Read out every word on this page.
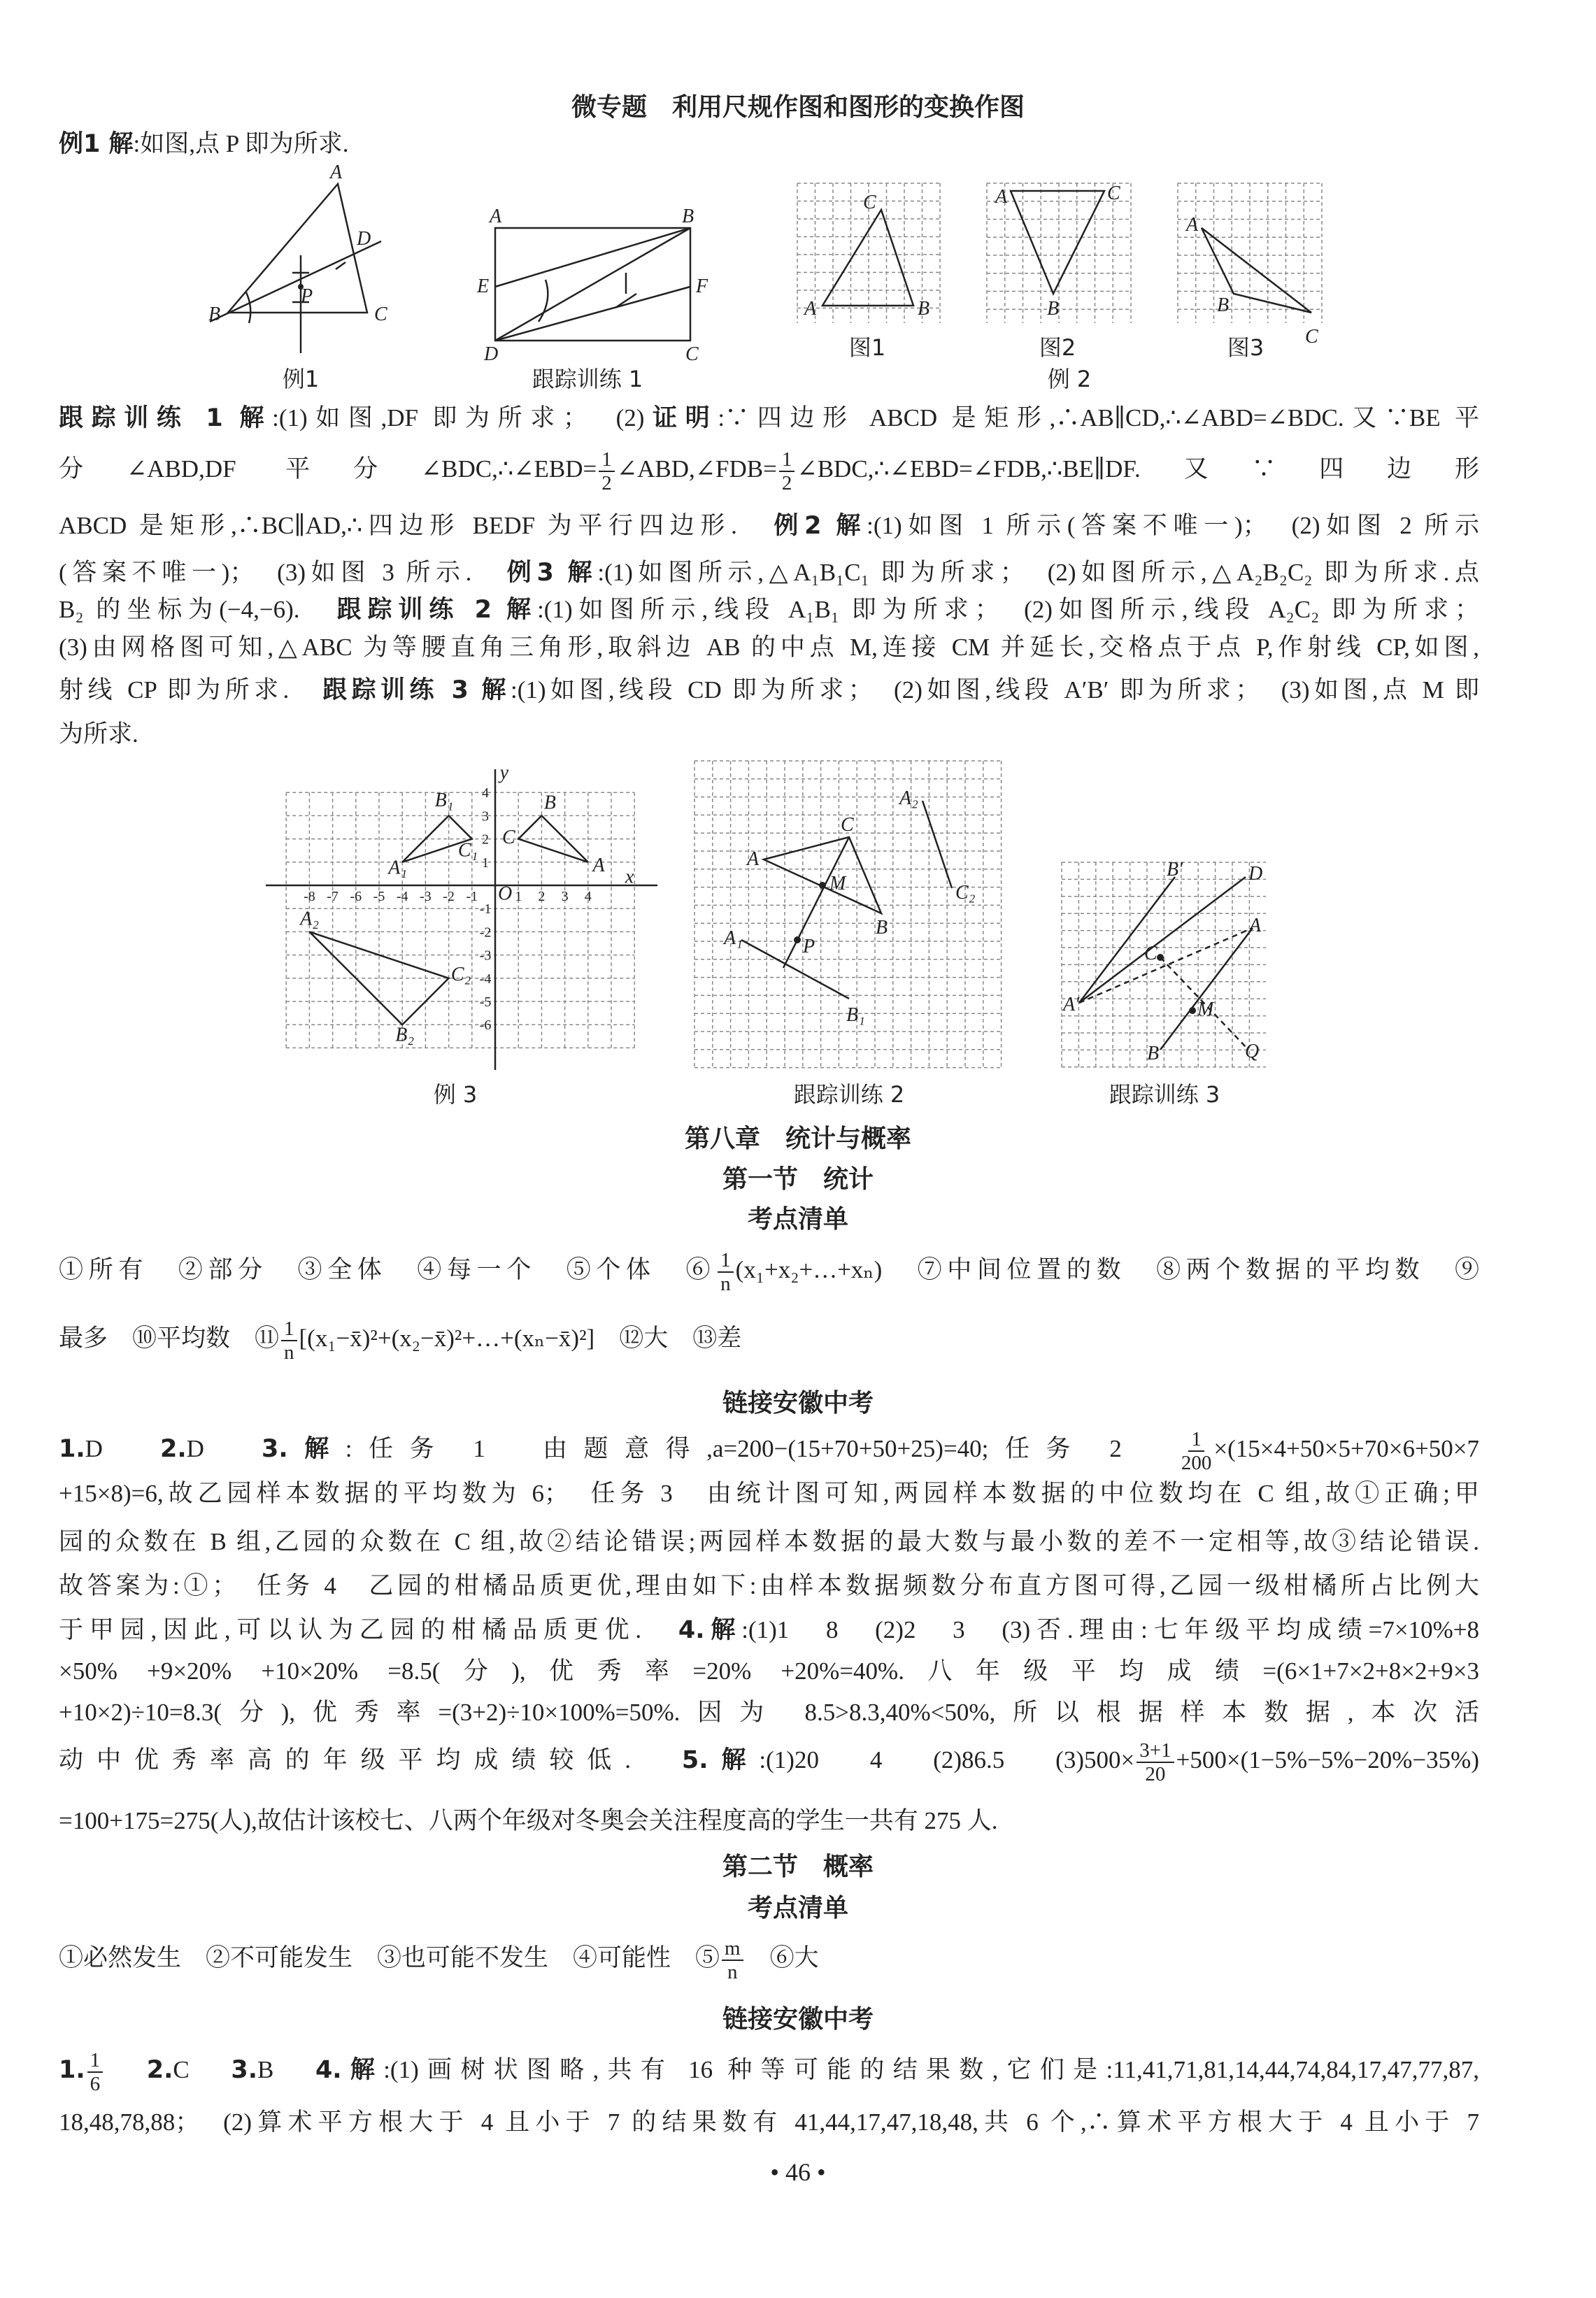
微专题　利用尺规作图和图形的变换作图
例1 解:如图,点 P 即为所求.
A
B	C
D
P
例1
A	B
C
D
E	F
跟踪训练 1
A	B
C
图1
A
B
C
图2
A
B
C
图3
例 2
-8 -7 -6 -5 -4 -3 -2 -1	1 2 3 4
4
3
2
1
-1
-2
-3
-4
-5
-6
A
B
C
A₁
B₁
C₁
A₂
B₂
C₂
x
y
O
例 3
A
B
C
M
P
A₁
B₁
A₂
C₂
跟踪训练 2
A′
B′
C
D
A
M
B	Q
跟踪训练 3
第八章　统计与概率
第一节　统计
考点清单
链接安徽中考
第二节　概率
考点清单
链接安徽中考
• 46 •
跟踪训练 1 解:(1)如图,DF 即为所求；　(2)证明:∵四边形 ABCD 是矩形,∴AB∥CD,∴∠ABD=∠BDC.又∵BE 平
分∠ABD,DF 平分∠BDC,∴∠EBD= $\frac{1}{2}$ ∠ABD,∠FDB= $\frac{1}{2}$ ∠BDC,∴∠EBD=∠FDB,∴BE∥DF.又∵四边形
ABCD 是矩形,∴BC∥AD,∴四边形 BEDF 为平行四边形.　例2 解:(1)如图 1 所示(答案不唯一)；　(2)如图 2 所示
(答案不唯一)；　(3)如图 3 所示.　例3 解:(1)如图所示,△A₁B₁C₁ 即为所求；　(2)如图所示,△A₂B₂C₂ 即为所求.点
B₂ 的坐标为(−4,−6).　跟踪训练 2 解:(1)如图所示,线段 A₁B₁ 即为所求；　(2)如图所示,线段 A₂C₂ 即为所求；
(3)由网格图可知,△ABC 为等腰直角三角形,取斜边 AB 的中点 M,连接 CM 并延长,交格点于点 P,作射线 CP,如图,
射线 CP 即为所求.　跟踪训练 3 解:(1)如图,线段 CD 即为所求；　(2)如图,线段 A′B′ 即为所求；　(3)如图,点 M 即
为所求.
①所有　②部分　③全体　④每一个　⑤个体　⑥ $\frac{1}{n}$ (x₁+x₂+…+xₙ)　⑦中间位置的数　⑧两个数据的平均数　⑨
最多　⑩平均数　⑪ $\frac{1}{n}$ [(x₁−x̄)²+(x₂−x̄)²+…+(xₙ−x̄)²]　⑫大　⑬差
1.D　2.D　3.解:任务 1　由题意得,a=200−(15+70+50+25)=40;任务 2　 $\frac{1}{200} \times(15\times 4+50\times 5+70\times 6+50\times 7$
+15×8)=6,故乙园样本数据的平均数为 6；　任务 3　由统计图可知,两园样本数据的中位数均在 C 组,故①正确;甲
园的众数在 B 组,乙园的众数在 C 组,故②结论错误;两园样本数据的最大数与最小数的差不一定相等,故③结论错误.
故答案为:①；　任务 4　乙园的柑橘品质更优,理由如下:由样本数据频数分布直方图可得,乙园一级柑橘所占比例大
于甲园,因此,可以认为乙园的柑橘品质更优.　4.解:(1)1　8　(2)2　3　(3)否.理由:七年级平均成绩=7×10%+8
×50% +9×20% +10×20% =8.5(分),优秀率=20% +20%=40%.八年级平均成绩=(6×1+7×2+8×2+9×3
+10×2)÷10=8.3(分),优秀率=(3+2)÷10×100%=50%.因为 8.5>8.3,40%<50%,所以根据样本数据,本次活
动中优秀率高的年级平均成绩较低.　5.解:(1)20　4　(2)86.5　$(3)500\times \frac{3+1}{20} +500\times(1-5\%-5\%-20\%-35\%)$
=100+175=275(人),故估计该校七、八两个年级对冬奥会关注程度高的学生一共有 275 人.
①必然发生　②不可能发生　③也可能不发生　④可能性　⑤ $\frac{m}{n}$ 　⑥大
1. $\frac{1}{6}$
　 2.C　3.B　4.解:(1)画树状图略,共有 16 种等可能的结果数,它们是:11,41,71,81,14,44,74,84,17,47,77,87,
18,48,78,88；　(2)算术平方根大于 4 且小于 7 的结果数有 41,44,17,47,18,48,共 6 个,∴算术平方根大于 4 且小于 7
